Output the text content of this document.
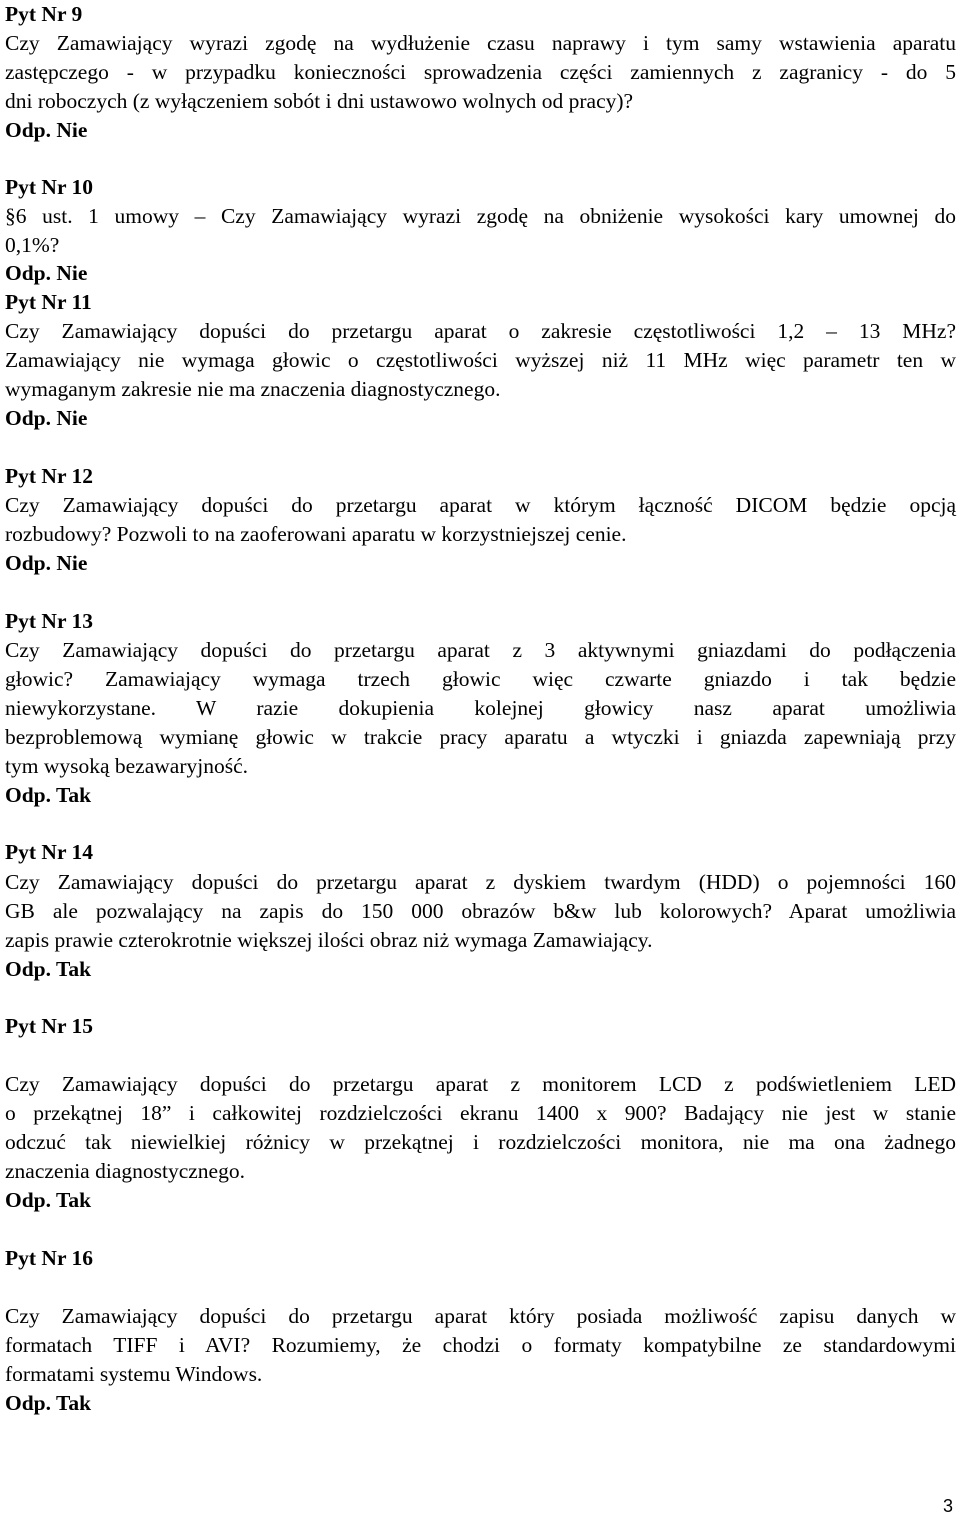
Pyt Nr 9
Czy Zamawiający wyrazi zgodę na wydłużenie czasu naprawy i tym samy wstawienia aparatu
zastępczego - w przypadku konieczności sprowadzenia części zamiennych z zagranicy - do 5
dni roboczych (z wyłączeniem sobót i dni ustawowo wolnych od pracy)?
Odp. Nie
Pyt Nr 10
§6 ust. 1 umowy – Czy Zamawiający wyrazi zgodę na obniżenie wysokości kary umownej do
0,1%?
Odp. Nie
Pyt Nr 11
Czy Zamawiający dopuści do przetargu aparat o zakresie częstotliwości 1,2 – 13 MHz?
Zamawiający nie wymaga głowic o częstotliwości wyższej niż 11 MHz więc parametr ten w
wymaganym zakresie nie ma znaczenia diagnostycznego.
Odp. Nie
Pyt Nr 12
Czy Zamawiający dopuści do przetargu aparat w którym łączność DICOM będzie opcją
rozbudowy? Pozwoli to na zaoferowani aparatu w korzystniejszej cenie.
Odp. Nie
Pyt Nr 13
Czy Zamawiający dopuści do przetargu aparat z 3 aktywnymi gniazdami do podłączenia
głowic? Zamawiający wymaga trzech głowic więc czwarte gniazdo i tak będzie
niewykorzystane. W razie dokupienia kolejnej głowicy nasz aparat umożliwia
bezproblemową wymianę głowic w trakcie pracy aparatu a wtyczki i gniazda zapewniają przy
tym wysoką bezawaryjność.
Odp. Tak
Pyt Nr 14
Czy Zamawiający dopuści do przetargu aparat z dyskiem twardym (HDD) o pojemności 160
GB ale pozwalający na zapis do 150 000 obrazów b&w lub kolorowych? Aparat umożliwia
zapis prawie czterokrotnie większej ilości obraz niż wymaga Zamawiający.
Odp. Tak
Pyt Nr 15
Czy Zamawiający dopuści do przetargu aparat z monitorem LCD z podświetleniem LED
o przekątnej 18” i całkowitej rozdzielczości ekranu 1400 x 900? Badający nie jest w stanie
odczuć tak niewielkiej różnicy w przekątnej i rozdzielczości monitora, nie ma ona żadnego
znaczenia diagnostycznego.
Odp. Tak
Pyt Nr 16
Czy Zamawiający dopuści do przetargu aparat który posiada możliwość zapisu danych w
formatach TIFF i AVI? Rozumiemy, że chodzi o formaty kompatybilne ze standardowymi
formatami systemu Windows.
Odp. Tak
3
